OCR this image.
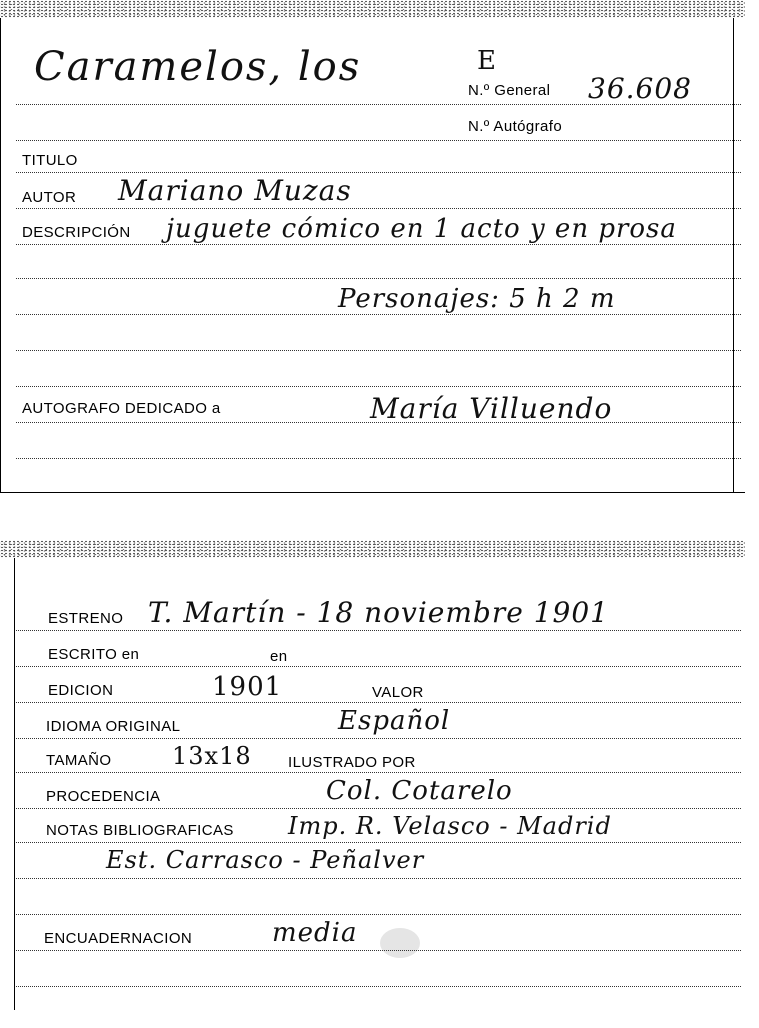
Caramelos, los	E
N.º General 36.608
N.º Autógrafo
TITULO
AUTOR Mariano Muzas
DESCRIPCIÓN juguete cómico en 1 acto y en prosa
Personajes: 5 h 2 m
AUTOGRAFO DEDICADO a	María Villuendo
ESTRENO T. Martín - 18 noviembre 1901
ESCRITO en	en
EDICION	1901	VALOR
IDIOMA ORIGINAL	Español
TAMAÑO	13x18 ILUSTRADO POR
PROCEDENCIA	Col. Cotarelo
NOTAS BIBLIOGRAFICAS Imp. R. Velasco - Madrid
Est. Carrasco - Peñalver
ENCUADERNACION	media
